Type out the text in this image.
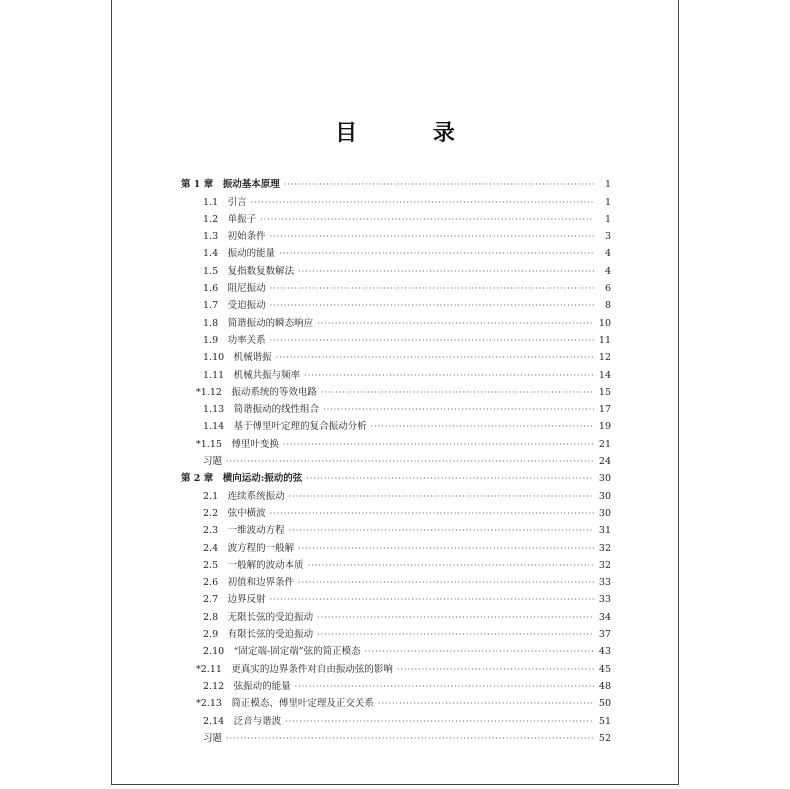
目 录
第 1 章　振动基本原理 ·····	1
1.1　引言 ·····	1
1.2　单振子 ·····	1
1.3　初始条件 ·····	3
1.4　振动的能量 ·····	4
1.5　复指数复数解法 ·····	4
1.6　阻尼振动 ·····	6
1.7　受迫振动 ·····	8
1.8　简谐振动的瞬态响应 ·····	10
1.9　功率关系 ·····	11
1.10　机械谐振 ·····	12
1.11　机械共振与频率 ·····	14
*1.12　振动系统的等效电路 ·····	15
1.13　简谐振动的线性组合 ·····	17
1.14　基于傅里叶定理的复合振动分析 ·····	19
*1.15　傅里叶变换 ·····	21
习题 ·····	24
第 2 章　横向运动:振动的弦 ·····	30
2.1　连续系统振动 ·····	30
2.2　弦中横波 ·····	30
2.3　一维波动方程 ·····	31
2.4　波方程的一般解 ·····	32
2.5　一般解的波动本质 ·····	32
2.6　初值和边界条件 ·····	33
2.7　边界反射 ·····	33
2.8　无限长弦的受迫振动 ·····	34
2.9　有限长弦的受迫振动 ·····	37
2.10　“固定端-固定端”弦的简正模态 ·····	43
*2.11　更真实的边界条件对自由振动弦的影响 ·····	45
2.12　弦振动的能量 ·····	48
*2.13　简正模态、傅里叶定理及正交关系 ·····	50
2.14　泛音与谐波 ·····	51
习题 ·····	52
